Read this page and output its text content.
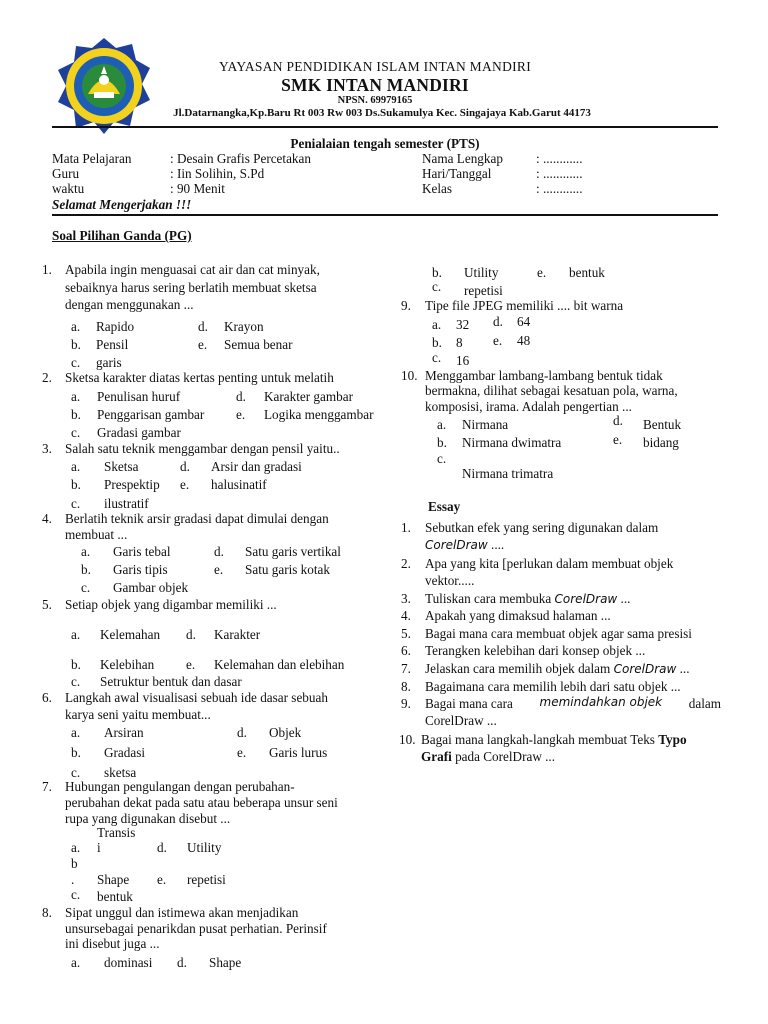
YAYASAN PENDIDIKAN ISLAM INTAN MANDIRI
SMK INTAN MANDIRI
NPSN. 69979165
Jl.Datarnangka,Kp.Baru Rt 003 Rw 003 Ds.Sukamulya Kec. Singajaya Kab.Garut 44173
Penialaian tengah semester (PTS)
Mata Pelajaran	: Desain Grafis Percetakan
Guru	: Iin Solihin, S.Pd
waktu	: 90 Menit
Nama Lengkap	: ............
Hari/Tanggal	: ............
Kelas	: ............
Selamat Mengerjakan !!!
Soal Pilihan Ganda (PG)
1. Apabila ingin menguasai cat air dan cat minyak,
sebaiknya harus sering berlatih membuat sketsa
dengan menggunakan ...
a. Rapido
b. Pensil
c. garis
d. Krayon
e. Semua benar
2. Sketsa karakter diatas kertas penting untuk melatih
a. Penulisan huruf
b. Penggarisan gambar
c. Gradasi gambar
d. Karakter gambar
e. Logika menggambar
3. Salah satu teknik menggambar dengan pensil yaitu..
a. Sketsa
b. Prespektip
c. ilustratif
d. Arsir dan gradasi
e. halusinatif
4. Berlatih teknik arsir gradasi dapat dimulai dengan
membuat ...
a. Garis tebal
b. Garis tipis
c. Gambar objek
d. Satu garis vertikal
e. Satu garis kotak
5. Setiap objek yang digambar memiliki ...
a. Kelemahan
b. Kelebihan
c. Setruktur bentuk dan dasar
d. Karakter
e. Kelemahan dan elebihan
6. Langkah awal visualisasi sebuah ide dasar sebuah
karya seni yaitu membuat...
a. Arsiran
b. Gradasi
c. sketsa
d. Objek
e. Garis lurus
7. Hubungan pengulangan dengan perubahan-
perubahan dekat pada satu atau beberapa unsur seni
rupa yang digunakan disebut ...
Transis
a. i
b
. Shape
c. bentuk
d. Utility
e. repetisi
8. Sipat unggul dan istimewa akan menjadikan
unsursebagai penarikdan pusat perhatian. Perinsif
ini disebut juga ...
a. dominasi d. Shape
b. Utility
c. repetisi
e. bentuk
9. Tipe file JPEG memiliki .... bit warna
a. 32
b. 8
c. 16
d. 64
e. 48
10. Menggambar lambang-lambang bentuk tidak
bermakna, dilihat sebagai kesatuan pola, warna,
komposisi, irama. Adalah pengertian ...
a. Nirmana
b. Nirmana dwimatra
c.
Nirmana trimatra
d. Bentuk
e. bidang
Essay
1. Sebutkan efek yang sering digunakan dalam
CorelDraw ....
2. Apa yang kita [perlukan dalam membuat objek
vektor.....
3. Tuliskan cara membuka CorelDraw ...
4. Apakah yang dimaksud halaman ...
5. Bagai mana cara membuat objek agar sama presisi
6. Terangken kelebihan dari konsep objek ...
7. Jelaskan cara memilih objek dalam CorelDraw ...
8. Bagaimana cara memilih lebih dari satu objek ...
9. Bagai mana cara memindahkan objek dalam
CorelDraw ...
10. Bagai mana langkah-langkah membuat Teks Typo
Grafi pada CorelDraw ...
